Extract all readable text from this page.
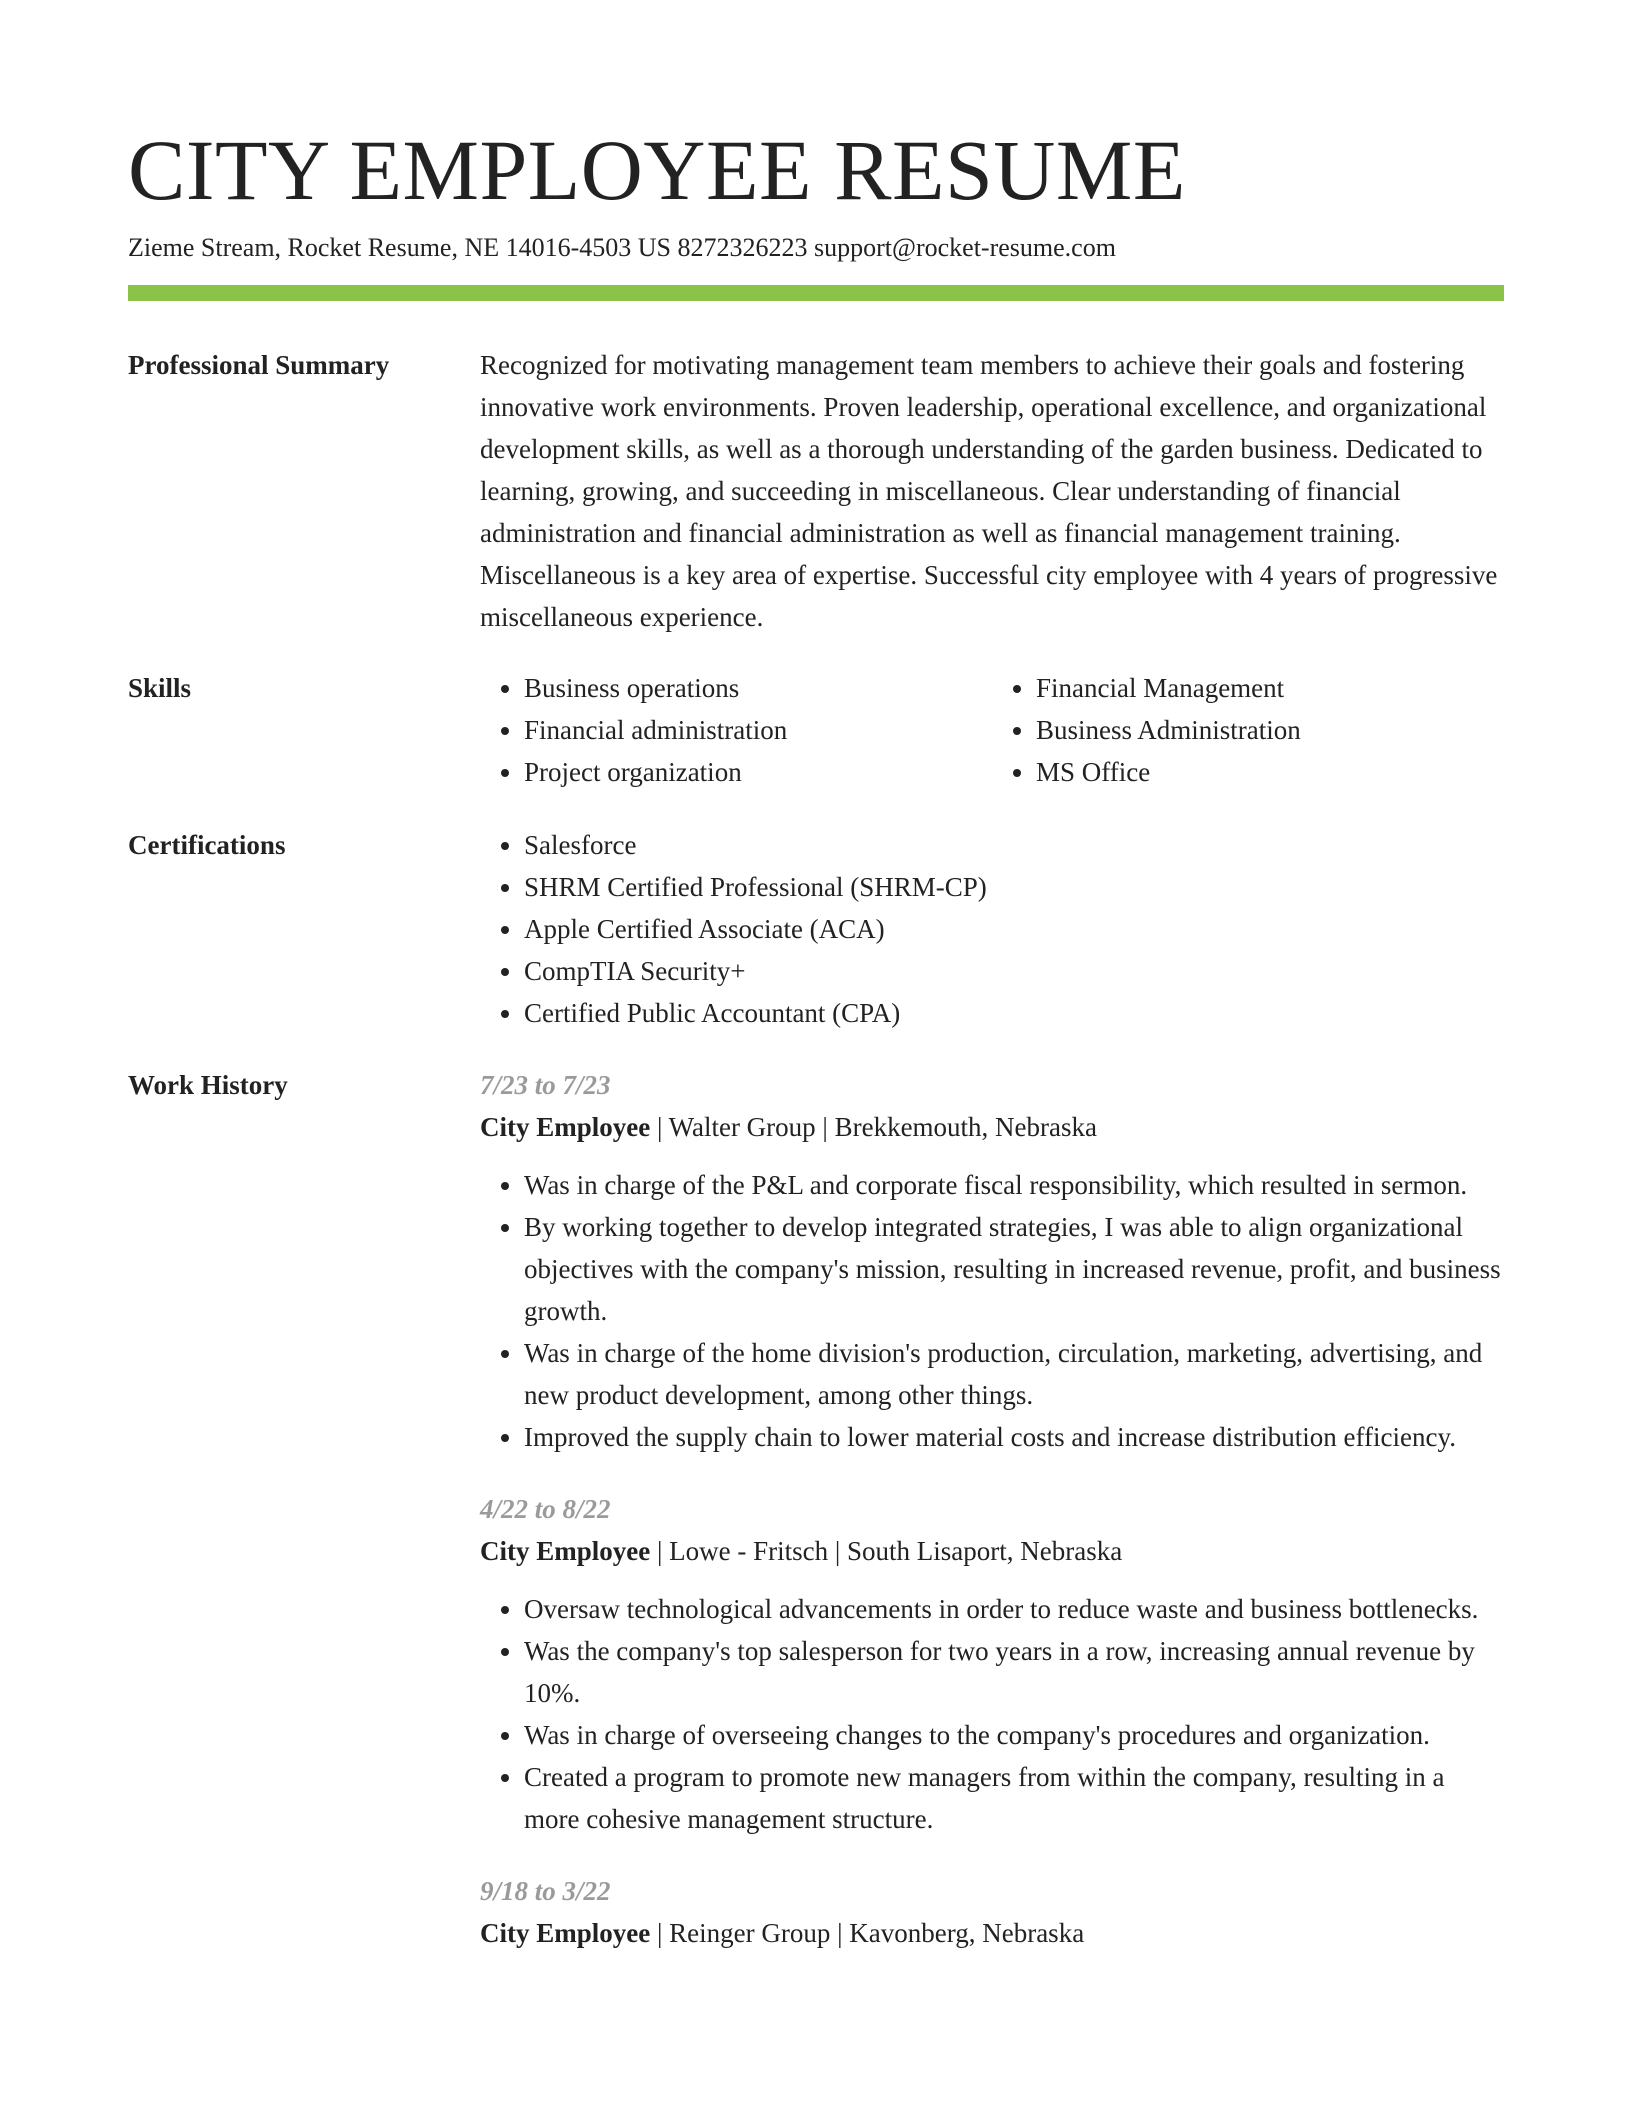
CITY EMPLOYEE RESUME
Zieme Stream, Rocket Resume, NE 14016-4503 US 8272326223 support@rocket-resume.com
Professional Summary	Recognized for motivating management team members to achieve their goals and fostering innovative work environments. Proven leadership, operational excellence, and organizational development skills, as well as a thorough understanding of the garden business. Dedicated to learning, growing, and succeeding in miscellaneous. Clear understanding of financial administration and financial administration as well as financial management training. Miscellaneous is a key area of expertise. Successful city employee with 4 years of progressive miscellaneous experience.

Skills	• Business operations
• Financial administration
• Project organization
• Financial Management
• Business Administration
• MS Office
Certifications	• Salesforce
• SHRM Certified Professional (SHRM-CP)
• Apple Certified Associate (ACA)
• CompTIA Security+
• Certified Public Accountant (CPA)
Work History	7/23 to 7/23
City Employee | Walter Group | Brekkemouth, Nebraska
• Was in charge of the P&L and corporate fiscal responsibility, which resulted in sermon.
• By working together to develop integrated strategies, I was able to align organizational objectives with the company's mission, resulting in increased revenue, profit, and business growth.
• Was in charge of the home division's production, circulation, marketing, advertising, and new product development, among other things.
• Improved the supply chain to lower material costs and increase distribution efficiency.
4/22 to 8/22
City Employee | Lowe - Fritsch | South Lisaport, Nebraska
• Oversaw technological advancements in order to reduce waste and business bottlenecks.
• Was the company's top salesperson for two years in a row, increasing annual revenue by 10%.
• Was in charge of overseeing changes to the company's procedures and organization.
• Created a program to promote new managers from within the company, resulting in a more cohesive management structure.
9/18 to 3/22
City Employee | Reinger Group | Kavonberg, Nebraska
